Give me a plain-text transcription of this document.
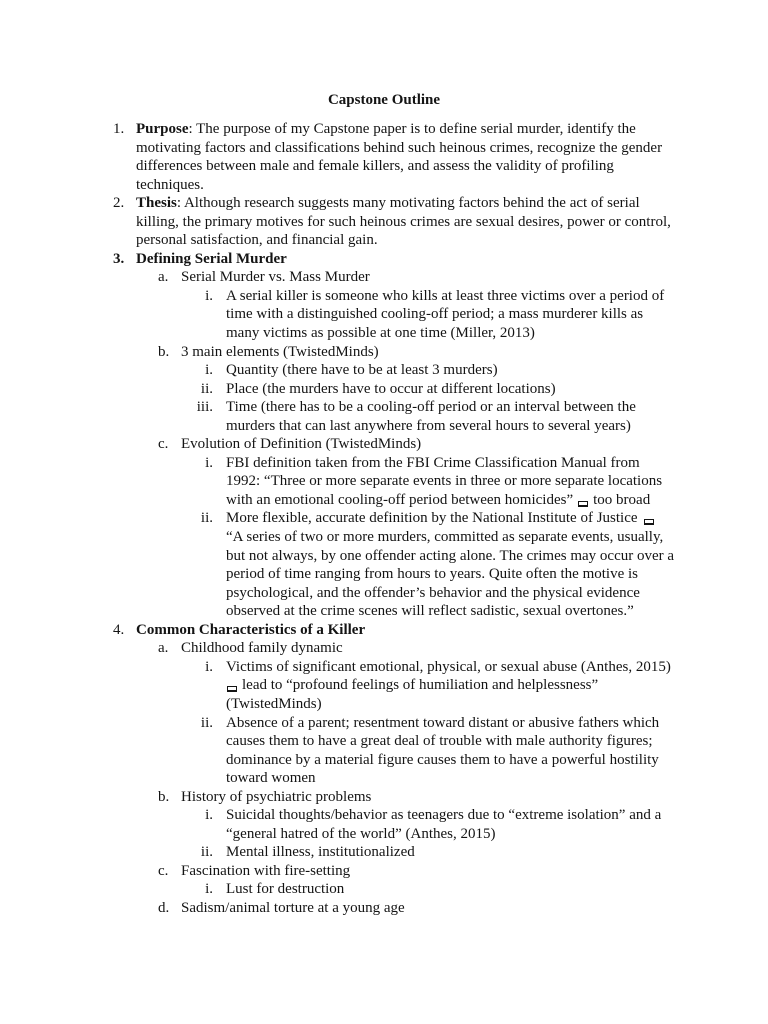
Capstone Outline
1. Purpose: The purpose of my Capstone paper is to define serial murder, identify the
motivating factors and classifications behind such heinous crimes, recognize the gender
differences between male and female killers, and assess the validity of profiling
techniques.
2. Thesis: Although research suggests many motivating factors behind the act of serial
killing, the primary motives for such heinous crimes are sexual desires, power or control,
personal satisfaction, and financial gain.
3. Defining Serial Murder
a. Serial Murder vs. Mass Murder
i. A serial killer is someone who kills at least three victims over a period of
time with a distinguished cooling-off period; a mass murderer kills as
many victims as possible at one time (Miller, 2013)
b. 3 main elements (TwistedMinds)
i. Quantity (there have to be at least 3 murders)
ii. Place (the murders have to occur at different locations)
iii. Time (there has to be a cooling-off period or an interval between the
murders that can last anywhere from several hours to several years)
c. Evolution of Definition (TwistedMinds)
i. FBI definition taken from the FBI Crime Classification Manual from
1992: “Three or more separate events in three or more separate locations
with an emotional cooling-off period between homicides” too broad
ii. More flexible, accurate definition by the National Institute of Justice
“A series of two or more murders, committed as separate events, usually,
but not always, by one offender acting alone. The crimes may occur over a
period of time ranging from hours to years. Quite often the motive is
psychological, and the offender’s behavior and the physical evidence
observed at the crime scenes will reflect sadistic, sexual overtones.”
4. Common Characteristics of a Killer
a. Childhood family dynamic
i. Victims of significant emotional, physical, or sexual abuse (Anthes, 2015)
lead to “profound feelings of humiliation and helplessness”
(TwistedMinds)
ii. Absence of a parent; resentment toward distant or abusive fathers which
causes them to have a great deal of trouble with male authority figures;
dominance by a material figure causes them to have a powerful hostility
toward women
b. History of psychiatric problems
i. Suicidal thoughts/behavior as teenagers due to “extreme isolation” and a
“general hatred of the world” (Anthes, 2015)
ii. Mental illness, institutionalized
c. Fascination with fire-setting
i. Lust for destruction
d. Sadism/animal torture at a young age
